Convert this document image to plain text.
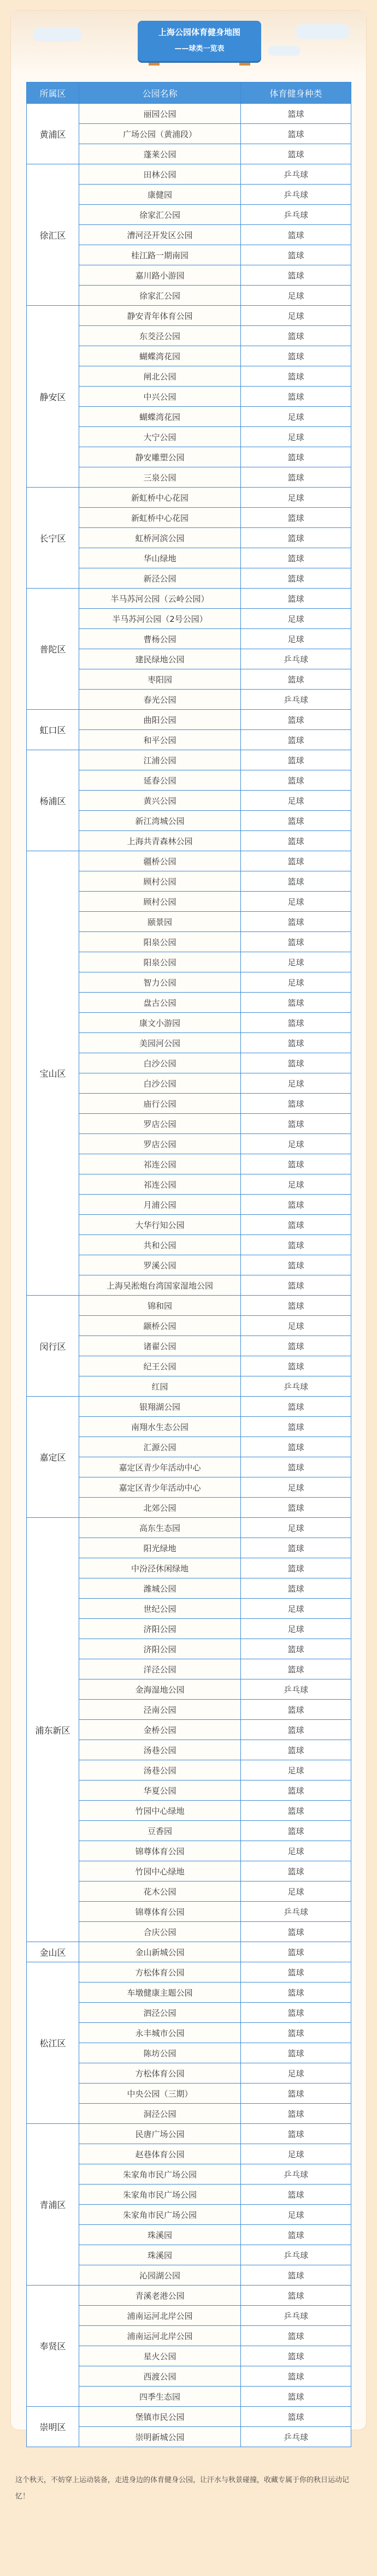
上海公园体育健身地图
——球类一览表
所属区	公园名称	体育健身种类
黄浦区	丽园公园	篮球
	广场公园（黄浦段）	篮球
	蓬莱公园	篮球
徐汇区	田林公园	乒乓球
	康健园	乒乓球
	徐家汇公园	乒乓球
	漕河泾开发区公园	篮球
	桂江路一期南园	篮球
	嘉川路小游园	篮球
	徐家汇公园	足球
静安区	静安青年体育公园	足球
	东茭泾公园	篮球
	蝴蝶湾花园	篮球
	闸北公园	篮球
	中兴公园	篮球
	蝴蝶湾花园	足球
	大宁公园	足球
	静安雕塑公园	篮球
	三泉公园	篮球
长宁区	新虹桥中心花园	足球
	新虹桥中心花园	篮球
	虹桥河滨公园	篮球
	华山绿地	篮球
	新泾公园	篮球
普陀区	半马苏河公园（云岭公园）	篮球
	半马苏河公园（2号公园）	足球
	曹杨公园	足球
	建民绿地公园	乒乓球
	枣阳园	篮球
	春光公园	乒乓球
虹口区	曲阳公园	篮球
	和平公园	篮球
杨浦区	江浦公园	篮球
	延春公园	篮球
	黄兴公园	足球
	新江湾城公园	篮球
	上海共青森林公园	篮球
宝山区	疆桥公园	篮球
	顾村公园	篮球
	顾村公园	足球
	颐景园	篮球
	阳泉公园	篮球
	阳泉公园	足球
	智力公园	足球
	盘古公园	篮球
	康文小游园	篮球
	美园河公园	篮球
	白沙公园	篮球
	白沙公园	足球
	庙行公园	篮球
	罗店公园	篮球
	罗店公园	足球
	祁连公园	篮球
	祁连公园	足球
	月浦公园	篮球
	大华行知公园	篮球
	共和公园	篮球
	罗溪公园	篮球
	上海吴淞炮台湾国家湿地公园	篮球
闵行区	锦和园	篮球
	颛桥公园	足球
	诸翟公园	篮球
	纪王公园	篮球
	红园	乒乓球
嘉定区	银翔湖公园	篮球
	南翔水生态公园	篮球
	汇源公园	篮球
	嘉定区青少年活动中心	篮球
	嘉定区青少年活动中心	足球
	北郊公园	篮球
浦东新区	高东生态园	足球
	阳光绿地	篮球
	中汾泾休闲绿地	篮球
	潍城公园	篮球
	世纪公园	足球
	济阳公园	足球
	济阳公园	篮球
	洋泾公园	篮球
	金海湿地公园	乒乓球
	泾南公园	篮球
	金桥公园	篮球
	汤巷公园	篮球
	汤巷公园	足球
	华夏公园	篮球
	竹园中心绿地	篮球
	豆香园	篮球
	锦尊体育公园	足球
	竹园中心绿地	篮球
	花木公园	足球
	锦尊体育公园	乒乓球
	合庆公园	篮球
金山区	金山新城公园	篮球
松江区	方松体育公园	篮球
	车墩健康主题公园	篮球
	泗泾公园	篮球
	永丰城市公园	篮球
	陈坊公园	篮球
	方松体育公园	足球
	中央公园（三期）	篮球
	洞泾公园	篮球
青浦区	民唐广场公园	篮球
	赵巷体育公园	足球
	朱家角市民广场公园	乒乓球
	朱家角市民广场公园	篮球
	朱家角市民广场公园	足球
	珠溪园	篮球
	珠溪园	乒乓球
	沁园湖公园	篮球
奉贤区	青溪老港公园	篮球
	浦南运河北岸公园	乒乓球
	浦南运河北岸公园	篮球
	星火公园	篮球
	西渡公园	篮球
	四季生态园	篮球
崇明区	堡镇市民公园	篮球
	崇明新城公园	乒乓球
这个秋天，不妨穿上运动装备，走进身边的体育健身公园，让汗水与秋景碰撞，收藏专属于你的秋日运动记忆！
